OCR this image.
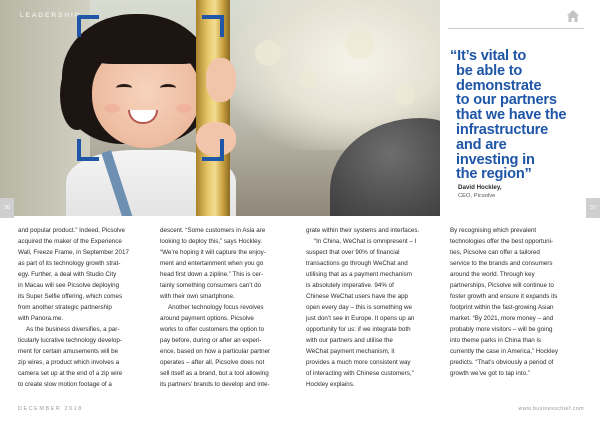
LEADERSHIP
“It’s vital to
be able to
demonstrate
to our partners
that we have the
infrastructure
and are
investing in
the region”
David Hockley,
CEO, Picsolve
36	37

and popular product.” Indeed, Picsolve
acquired the maker of the Experience
Wall, Freeze Frame, in September 2017
as part of its technology growth strat-
egy. Further, a deal with Studio City
in Macau will see Picsolve deploying
its Super Selfie offering, which comes
from another strategic partnership
with Panora.me.

As the business diversifies, a par-
ticularly lucrative technology develop-
ment for certain amusements will be
zip wires, a product which involves a
camera set up at the end of a zip wire
to create slow motion footage of a

descent. “Some customers in Asia are
looking to deploy this,” says Hockley.
“We’re hoping it will capture the enjoy-
ment and entertainment when you go
head first down a zipline.” This is cer-
tainly something consumers can’t do
with their own smartphone.

Another technology focus revolves
around payment options. Picsolve
works to offer customers the option to
pay before, during or after an experi-
ence, based on how a particular partner
operates – after all, Picsolve does not
sell itself as a brand, but a tool allowing
its partners’ brands to develop and inte-

grate within their systems and interfaces.

“In China, WeChat is omnipresent – I
suspect that over 90% of financial
transactions go through WeChat and
utilising that as a payment mechanism
is absolutely imperative. 94% of
Chinese WeChat users have the app
open every day – this is something we
just don’t see in Europe. It opens up an
opportunity for us: if we integrate both
with our partners and utilise the
WeChat payment mechanism, it
provides a much more consistent way
of interacting with Chinese customers,”
Hockley explains.

By recognising which prevalent
technologies offer the best opportuni-
ties, Picsolve can offer a tailored
service to the brands and consumers
around the world. Through key
partnerships, Picsolve will continue to
foster growth and ensure it expands its
footprint within the fast-growing Asian
market. “By 2021, more money – and
probably more visitors – will be going
into theme parks in China than is
currently the case in America,” Hockley
predicts. “That’s obviously a period of
growth we’ve got to tap into.”

DECEMBER 2018	www.businesschief.com
